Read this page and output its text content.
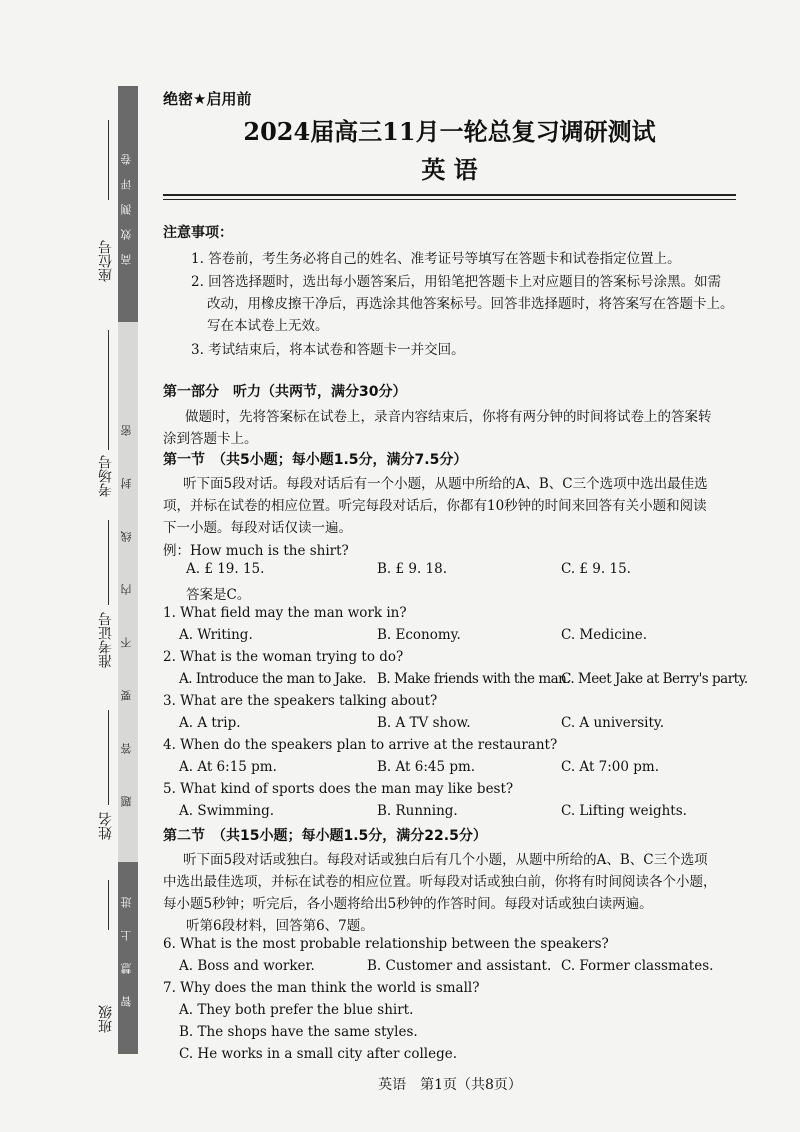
高效测评卷
题答要不内线封密
智慧上进
座位号
考场号
准考证号
姓名
班级
绝密★启用前
2024届高三11月一轮总复习调研测试
英 语
注意事项：
1. 答卷前，考生务必将自己的姓名、准考证号等填写在答题卡和试卷指定位置上。
2. 回答选择题时，选出每小题答案后，用铅笔把答题卡上对应题目的答案标号涂黑。如需
改动，用橡皮擦干净后，再选涂其他答案标号。回答非选择题时，将答案写在答题卡上。
写在本试卷上无效。
3. 考试结束后，将本试卷和答题卡一并交回。
第一部分　听力（共两节，满分30分）
做题时，先将答案标在试卷上，录音内容结束后，你将有两分钟的时间将试卷上的答案转
涂到答题卡上。
第一节　（共5小题；每小题1.5分，满分7.5分）
听下面5段对话。每段对话后有一个小题，从题中所给的A、B、C三个选项中选出最佳选
项，并标在试卷的相应位置。听完每段对话后，你都有10秒钟的时间来回答有关小题和阅读
下一小题。每段对话仅读一遍。
例：How much is the shirt?
A. £ 19. 15.	B. £ 9. 18.	C. £ 9. 15.
答案是C。
1. What field may the man work in?
A. Writing.	B. Economy.	C. Medicine.
2. What is the woman trying to do?
A. Introduce the man to Jake. B. Make friends with the man.
C. Meet Jake at Berry's party.
3. What are the speakers talking about?
A. A trip.	B. A TV show.	C. A university.
4. When do the speakers plan to arrive at the restaurant?
A. At 6:15 pm.	B. At 6:45 pm.	C. At 7:00 pm.
5. What kind of sports does the man may like best?
A. Swimming.	B. Running.	C. Lifting weights.
第二节　（共15小题；每小题1.5分，满分22.5分）
听下面5段对话或独白。每段对话或独白后有几个小题，从题中所给的A、B、C三个选项
中选出最佳选项，并标在试卷的相应位置。听每段对话或独白前，你将有时间阅读各个小题，
每小题5秒钟；听完后，各小题将给出5秒钟的作答时间。每段对话或独白读两遍。
听第6段材料，回答第6、7题。
6. What is the most probable relationship between the speakers?
A. Boss and worker.	B. Customer and assistant. C. Former classmates.
7. Why does the man think the world is small?
A. They both prefer the blue shirt.
B. The shops have the same styles.
C. He works in a small city after college.
英语　第1页（共8页）
